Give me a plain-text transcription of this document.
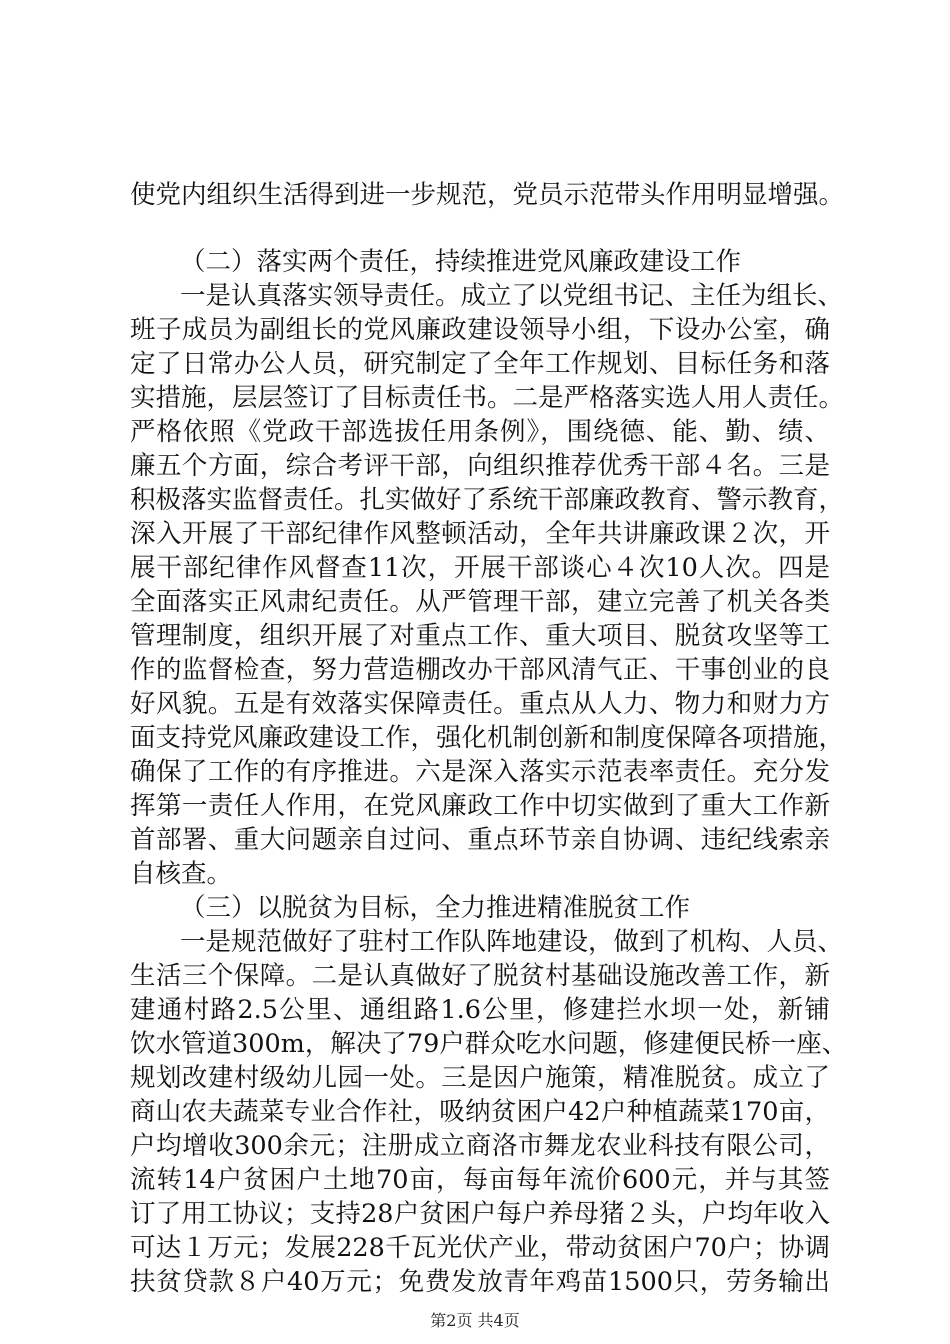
使党内组织生活得到进一步规范，党员示范带头作用明显增强。
（二）落实两个责任，持续推进党风廉政建设工作
一是认真落实领导责任。成立了以党组书记、主任为组长、
班子成员为副组长的党风廉政建设领导小组，下设办公室，确
定了日常办公人员，研究制定了全年工作规划、目标任务和落
实措施，层层签订了目标责任书。二是严格落实选人用人责任。
严格依照《党政干部选拔任用条例》，围绕德、能、勤、绩、
廉五个方面，综合考评干部，向组织推荐优秀干部４名。三是
积极落实监督责任。扎实做好了系统干部廉政教育、警示教育，
深入开展了干部纪律作风整顿活动，全年共讲廉政课２次，开
展干部纪律作风督查11次，开展干部谈心４次10人次。四是
全面落实正风肃纪责任。从严管理干部，建立完善了机关各类
管理制度，组织开展了对重点工作、重大项目、脱贫攻坚等工
作的监督检查，努力营造棚改办干部风清气正、干事创业的良
好风貌。五是有效落实保障责任。重点从人力、物力和财力方
面支持党风廉政建设工作，强化机制创新和制度保障各项措施，
确保了工作的有序推进。六是深入落实示范表率责任。充分发
挥第一责任人作用，在党风廉政工作中切实做到了重大工作新
首部署、重大问题亲自过问、重点环节亲自协调、违纪线索亲
自核查。
（三）以脱贫为目标，全力推进精准脱贫工作
一是规范做好了驻村工作队阵地建设，做到了机构、人员、
生活三个保障。二是认真做好了脱贫村基础设施改善工作，新
建通村路2.5公里、通组路1.6公里，修建拦水坝一处，新铺
饮水管道300m，解决了79户群众吃水问题，修建便民桥一座、
规划改建村级幼儿园一处。三是因户施策，精准脱贫。成立了
商山农夫蔬菜专业合作社，吸纳贫困户42户种植蔬菜170亩，
户均增收300余元；注册成立商洛市舞龙农业科技有限公司，
流转14户贫困户土地70亩，每亩每年流价600元，并与其签
订了用工协议；支持28户贫困户每户养母猪２头，户均年收入
可达１万元；发展228千瓦光伏产业，带动贫困户70户；协调
扶贫贷款８户40万元；免费发放青年鸡苗1500只，劳务输出
第2页 共4页
